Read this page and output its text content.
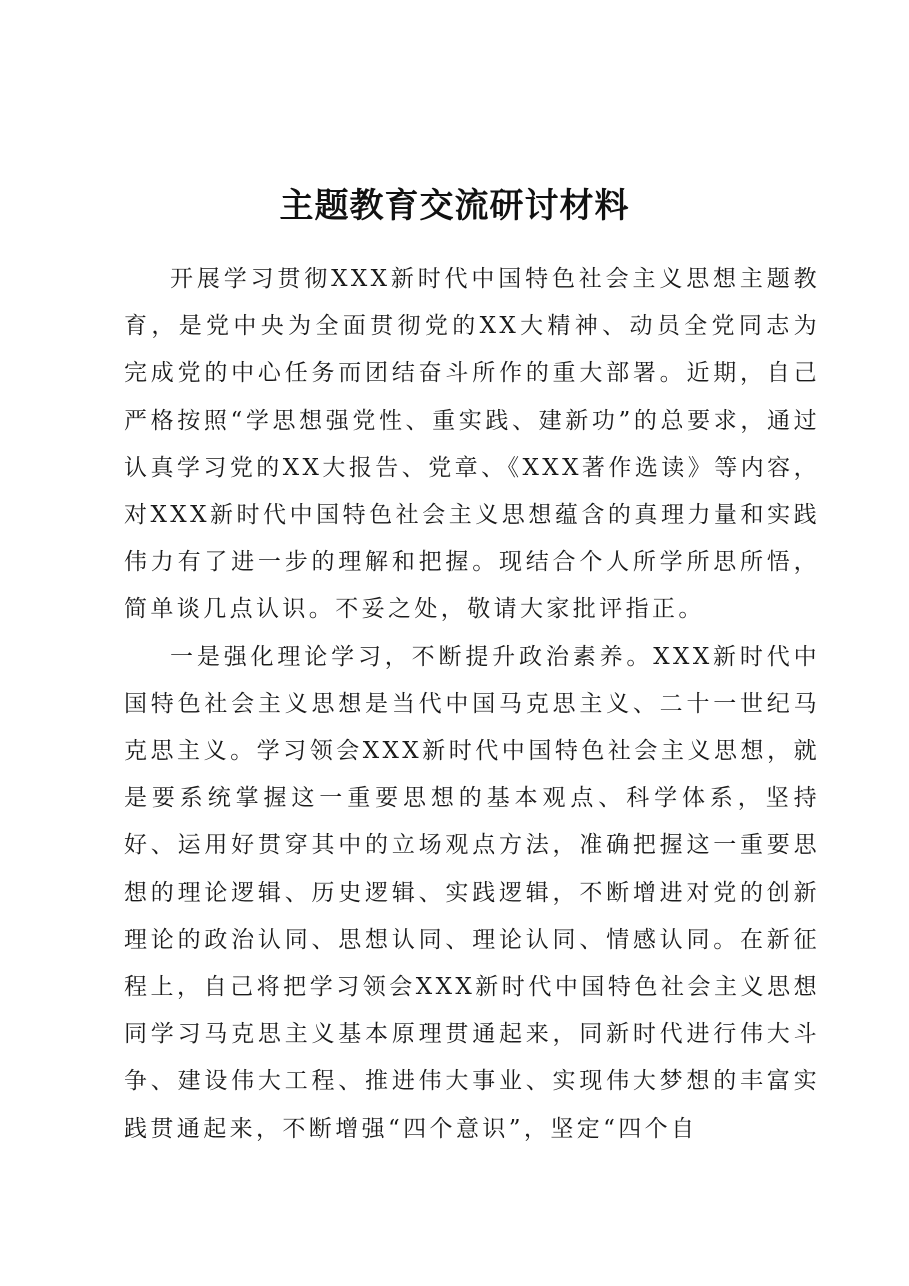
主题教育交流研讨材料

开展学习贯彻XXX新时代中国特色社会主义思想主题教育，是党中央为全面贯彻党的XX大精神、动员全党同志为完成党的中心任务而团结奋斗所作的重大部署。近期，自己严格按照“学思想强党性、重实践、建新功”的总要求，通过认真学习党的XX大报告、党章、《XXX著作选读》等内容，对XXX新时代中国特色社会主义思想蕴含的真理力量和实践伟力有了进一步的理解和把握。现结合个人所学所思所悟，简单谈几点认识。不妥之处，敬请大家批评指正。

一是强化理论学习，不断提升政治素养。XXX新时代中国特色社会主义思想是当代中国马克思主义、二十一世纪马克思主义。学习领会XXX新时代中国特色社会主义思想，就是要系统掌握这一重要思想的基本观点、科学体系，坚持好、运用好贯穿其中的立场观点方法，准确把握这一重要思想的理论逻辑、历史逻辑、实践逻辑，不断增进对党的创新理论的政治认同、思想认同、理论认同、情感认同。在新征程上，自己将把学习领会XXX新时代中国特色社会主义思想同学习马克思主义基本原理贯通起来，同新时代进行伟大斗争、建设伟大工程、推进伟大事业、实现伟大梦想的丰富实践贯通起来，不断增强“四个意识”，坚定“四个自
